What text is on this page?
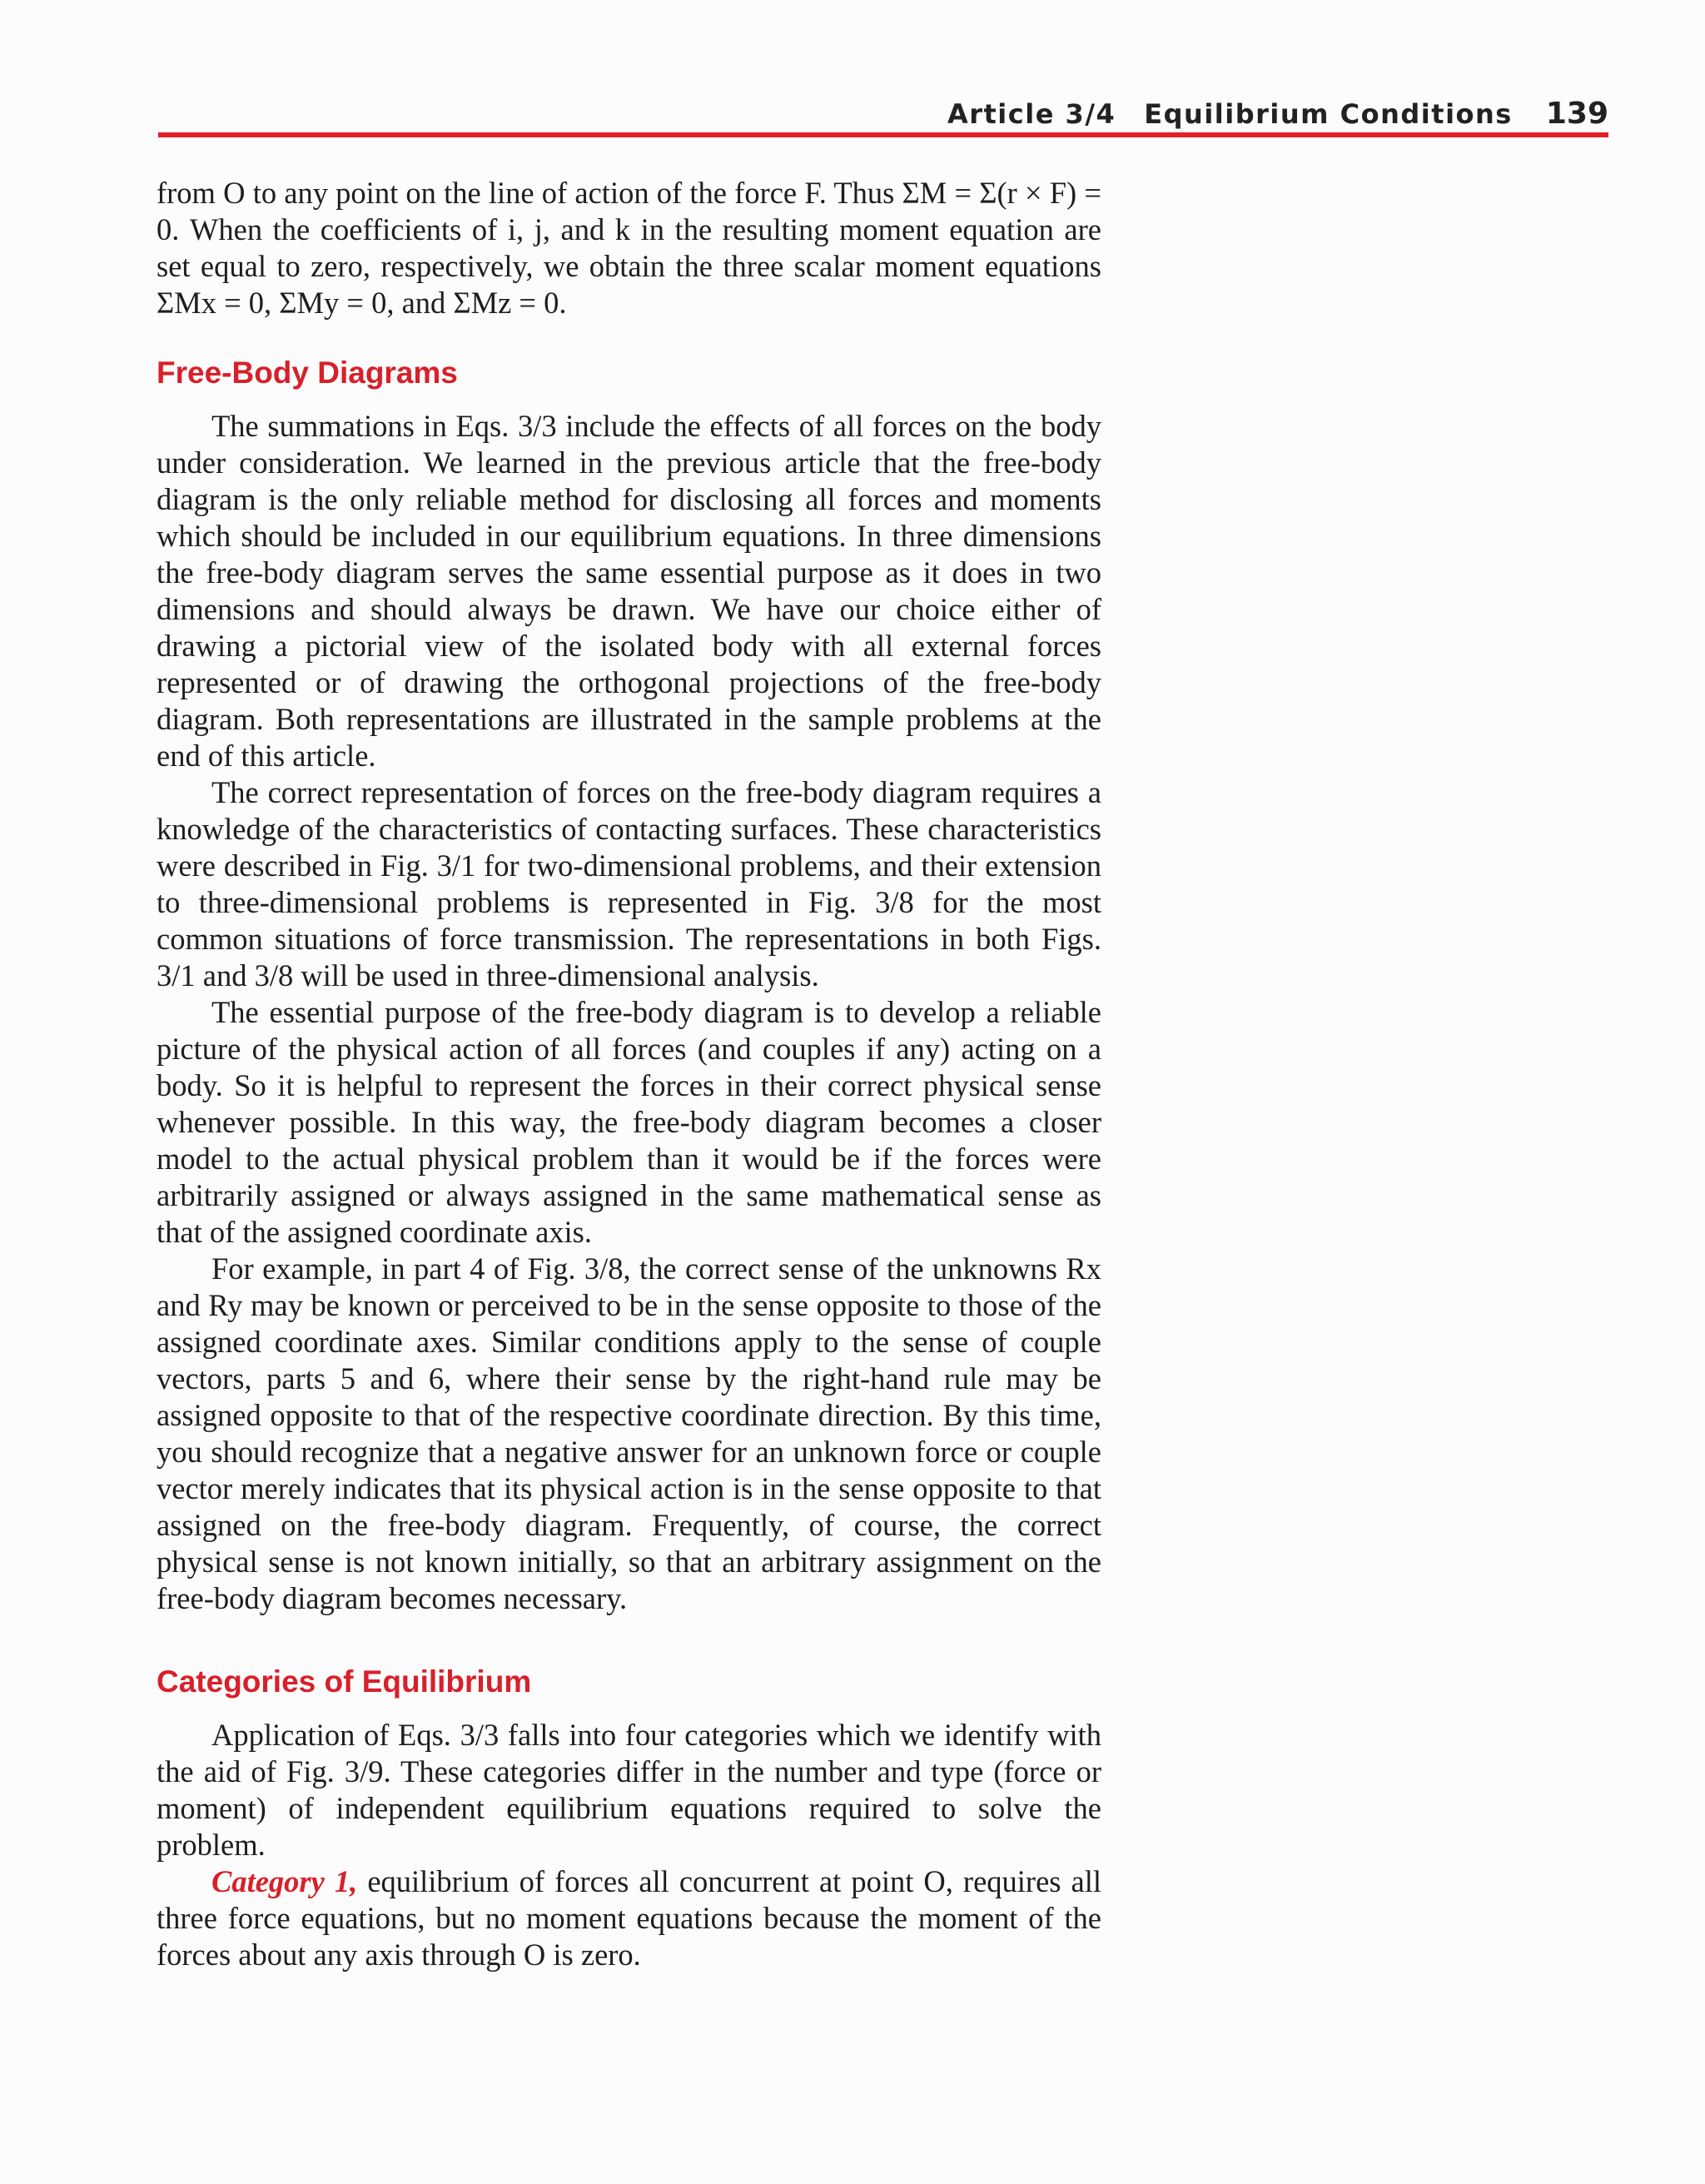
Article 3/4 Equilibrium Conditions 139

from O to any point on the line of action of the force F. Thus ΣM = Σ(r × F) = 0. When the coefficients of i, j, and k in the resulting moment equation are set equal to zero, respectively, we obtain the three scalar moment equations ΣMx = 0, ΣMy = 0, and ΣMz = 0.

Free-Body Diagrams

The summations in Eqs. 3/3 include the effects of all forces on the body under consideration. We learned in the previous article that the free-body diagram is the only reliable method for disclosing all forces and moments which should be included in our equilibrium equations. In three dimensions the free-body diagram serves the same essential purpose as it does in two dimensions and should always be drawn. We have our choice either of drawing a pictorial view of the isolated body with all external forces represented or of drawing the orthogonal projections of the free-body diagram. Both representations are illustrated in the sample problems at the end of this article.

The correct representation of forces on the free-body diagram requires a knowledge of the characteristics of contacting surfaces. These characteristics were described in Fig. 3/1 for two-dimensional problems, and their extension to three-dimensional problems is represented in Fig. 3/8 for the most common situations of force transmission. The representations in both Figs. 3/1 and 3/8 will be used in three-dimensional analysis.

The essential purpose of the free-body diagram is to develop a reliable picture of the physical action of all forces (and couples if any) acting on a body. So it is helpful to represent the forces in their correct physical sense whenever possible. In this way, the free-body diagram becomes a closer model to the actual physical problem than it would be if the forces were arbitrarily assigned or always assigned in the same mathematical sense as that of the assigned coordinate axis.

For example, in part 4 of Fig. 3/8, the correct sense of the unknowns Rx and Ry may be known or perceived to be in the sense opposite to those of the assigned coordinate axes. Similar conditions apply to the sense of couple vectors, parts 5 and 6, where their sense by the right-hand rule may be assigned opposite to that of the respective coordinate direction. By this time, you should recognize that a negative answer for an unknown force or couple vector merely indicates that its physical action is in the sense opposite to that assigned on the free-body diagram. Frequently, of course, the correct physical sense is not known initially, so that an arbitrary assignment on the free-body diagram becomes necessary.

Categories of Equilibrium

Application of Eqs. 3/3 falls into four categories which we identify with the aid of Fig. 3/9. These categories differ in the number and type (force or moment) of independent equilibrium equations required to solve the problem.

Category 1, equilibrium of forces all concurrent at point O, requires all three force equations, but no moment equations because the moment of the forces about any axis through O is zero.
